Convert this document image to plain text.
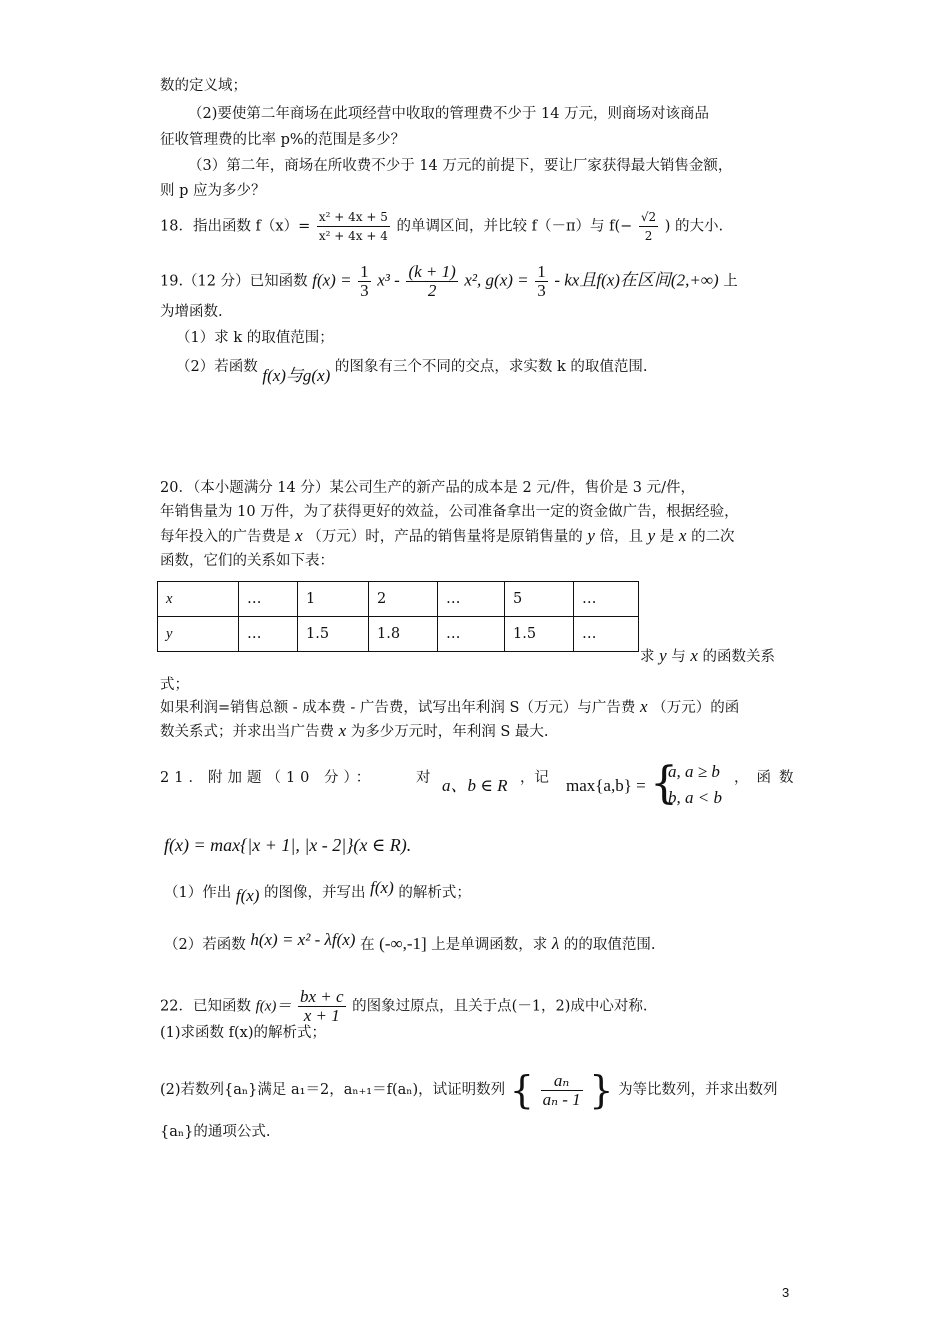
数的定义域；
（2)要使第二年商场在此项经营中收取的管理费不少于 14 万元，则商场对该商品
征收管理费的比率 p%的范围是多少？
（3）第二年，商场在所收费不少于 14 万元的前提下，要让厂家获得最大销售金额，
则 p 应为多少？
18．指出函数 $f(x)= \frac{\text{x² + 4x + 5}}{\text{x² + 4x + 4}}$ 的单调区间，并比较 f（－π）与 $f(- \frac{√2}{2}$ ) 的大小.
19.（12 分）已知函数 $f(x) = \frac{1}{3} x^3 - \frac{(k + 1)}{2} x^2$, $g(x) = \frac{1}{3}$ - kx且f(x)在区间(2,+∞) 上
为增函数.
（1）求 k 的取值范围；
（2）若函数 f(x)与g(x) 的图象有三个不同的交点，求实数 k 的取值范围.
20．（本小题满分 14 分）某公司生产的新产品的成本是 2 元/件，售价是 3 元/件，
年销售量为 10 万件，为了获得更好的效益，公司准备拿出一定的资金做广告，根据经验，
每年投入的广告费是 x （万元）时，产品的销售量将是原销售量的 y 倍，且 y 是 x 的二次
函数，它们的关系如下表：
x	…	1	2	…	5	…
y	…	1.5	1.8	…	1.5	…
求 y 与 x 的函数关系
式；
如果利润=销售总额 - 成本费 - 广告费，试写出年利润 S（万元）与广告费 x （万元）的函
数关系式；并求出当广告费 x 为多少万元时，年利润 S 最大.
21．附加题（10 分）：	对 a、b ∈ R ，记 max{a,b} = {
a, a ≥ b
b, a < b
，函数
f(x) = max{|x + 1|, |x - 2|}(x ∈ R).
（1）作出 f(x) 的图像，并写出 f(x) 的解析式；
（2）若函数 h(x) = x² - λf(x) 在 (-∞,-1] 上是单调函数，求 λ 的的取值范围.
22．已知函数 $f(x)= \frac{bx + c}{x + 1}$ 的图象过原点，且关于点(－1，2)成中心对称.
(1)求函数 f(x)的解析式；
(2)若数列{aₙ}满足 a₁＝2，aₙ₊₁＝f(aₙ)，试证明数列 { $\frac{\text{aₙ}}{\text{aₙ - 1}}$ } 为等比数列，并求出数列
{aₙ}的通项公式.
3
